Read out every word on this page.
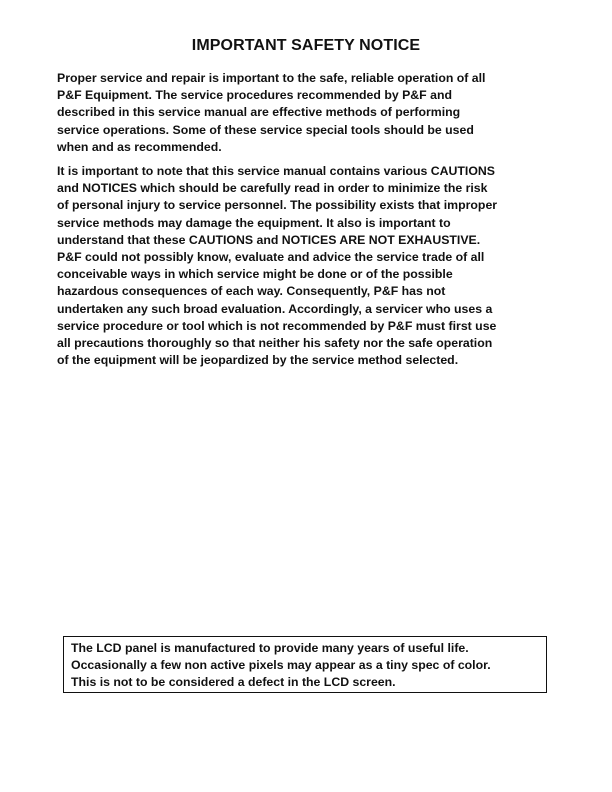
IMPORTANT SAFETY NOTICE

Proper service and repair is important to the safe, reliable operation of all
P&F Equipment. The service procedures recommended by P&F and
described in this service manual are effective methods of performing
service operations. Some of these service special tools should be used
when and as recommended.

It is important to note that this service manual contains various CAUTIONS
and NOTICES which should be carefully read in order to minimize the risk
of personal injury to service personnel. The possibility exists that improper
service methods may damage the equipment. It also is important to
understand that these CAUTIONS and NOTICES ARE NOT EXHAUSTIVE.
P&F could not possibly know, evaluate and advice the service trade of all
conceivable ways in which service might be done or of the possible
hazardous consequences of each way. Consequently, P&F has not
undertaken any such broad evaluation. Accordingly, a servicer who uses a
service procedure or tool which is not recommended by P&F must first use
all precautions thoroughly so that neither his safety nor the safe operation
of the equipment will be jeopardized by the service method selected.

The LCD panel is manufactured to provide many years of useful life.
Occasionally a few non active pixels may appear as a tiny spec of color.
This is not to be considered a defect in the LCD screen.
